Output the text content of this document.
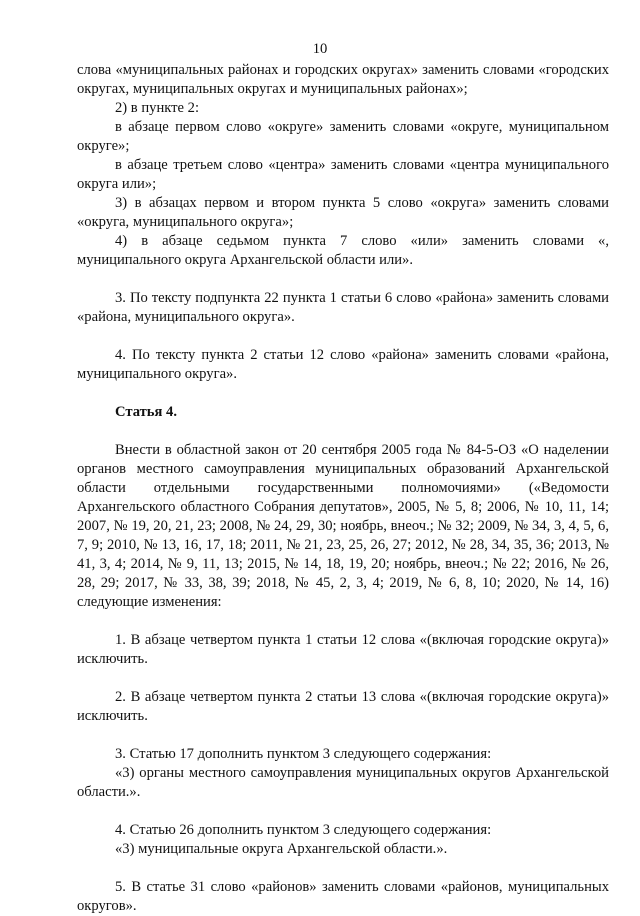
10

слова «муниципальных районах и городских округах» заменить словами «городских округах, муниципальных округах и муниципальных районах»;

2) в пункте 2:

в абзаце первом слово «округе» заменить словами «округе, муниципальном округе»;

в абзаце третьем слово «центра» заменить словами «центра муниципального округа или»;

3) в абзацах первом и втором пункта 5 слово «округа» заменить словами «округа, муниципального округа»;

4) в абзаце седьмом пункта 7 слово «или» заменить словами «, муниципального округа Архангельской области или».

3. По тексту подпункта 22 пункта 1 статьи 6 слово «района» заменить словами «района, муниципального округа».

4. По тексту пункта 2 статьи 12 слово «района» заменить словами «района, муниципального округа».

Статья 4.

Внести в областной закон от 20 сентября 2005 года № 84-5-ОЗ «О наделении органов местного самоуправления муниципальных образований Архангельской области отдельными государственными полномочиями» («Ведомости Архангельского областного Собрания депутатов», 2005, № 5, 8; 2006, № 10, 11, 14; 2007, № 19, 20, 21, 23; 2008, № 24, 29, 30; ноябрь, внеоч.; № 32; 2009, № 34, 3, 4, 5, 6, 7, 9; 2010, № 13, 16, 17, 18; 2011, № 21, 23, 25, 26, 27; 2012, № 28, 34, 35, 36; 2013, № 41, 3, 4; 2014, № 9, 11, 13; 2015, № 14, 18, 19, 20; ноябрь, внеоч.; № 22; 2016, № 26, 28, 29; 2017, № 33, 38, 39; 2018, № 45, 2, 3, 4; 2019, № 6, 8, 10; 2020, № 14, 16) следующие изменения:

1. В абзаце четвертом пункта 1 статьи 12 слова «(включая городские округа)» исключить.

2. В абзаце четвертом пункта 2 статьи 13 слова «(включая городские округа)» исключить.

3. Статью 17 дополнить пунктом 3 следующего содержания:

«3) органы местного самоуправления муниципальных округов Архангельской области.».

4. Статью 26 дополнить пунктом 3 следующего содержания:

«3) муниципальные округа Архангельской области.».

5. В статье 31 слово «районов» заменить словами «районов, муниципальных округов».
